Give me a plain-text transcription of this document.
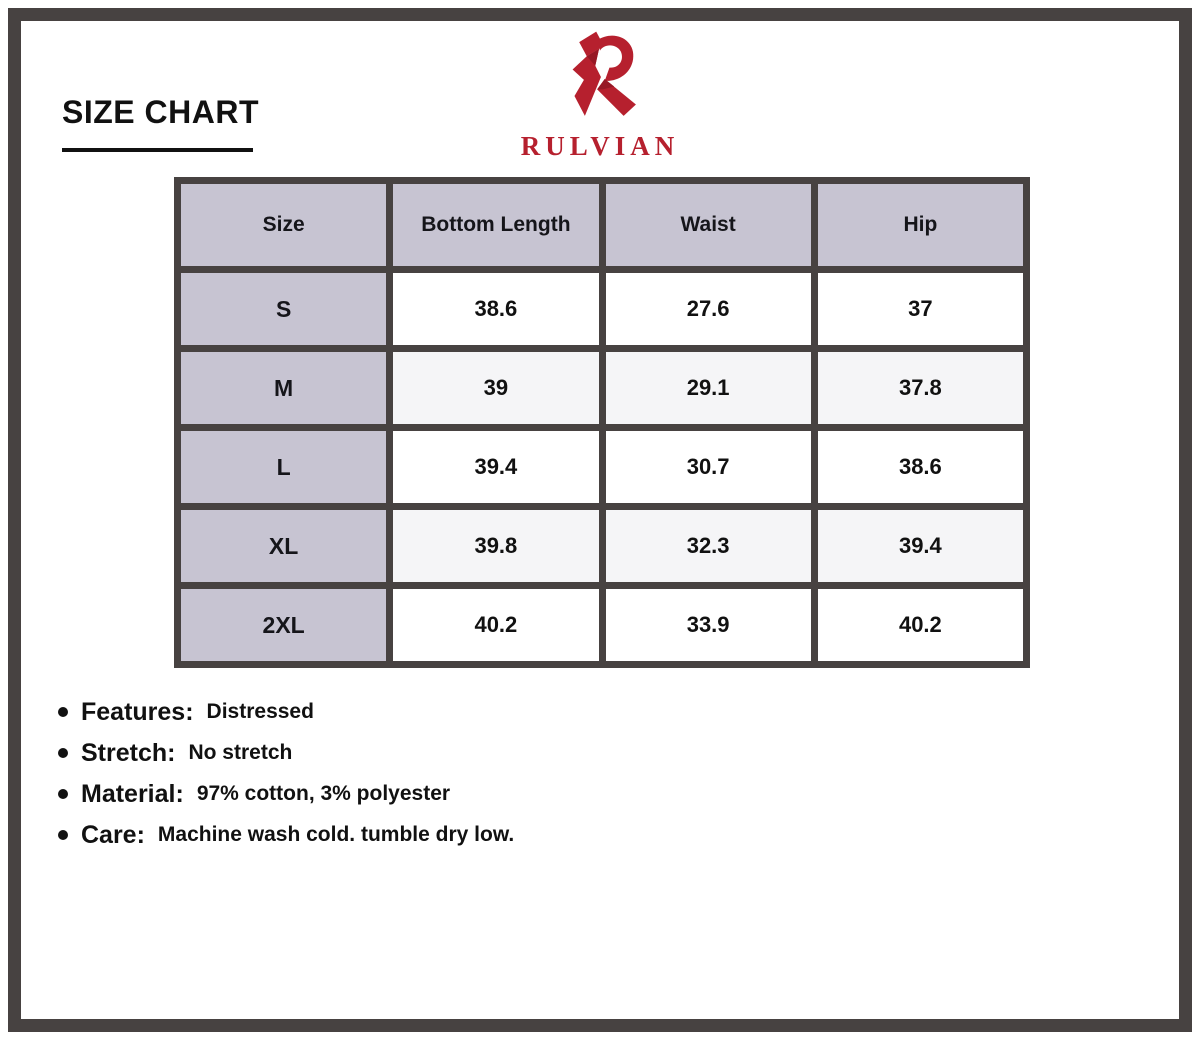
SIZE CHART
RULVIAN
Size	Bottom Length	Waist	Hip
S	38.6	27.6	37
M	39	29.1	37.8
L	39.4	30.7	38.6
XL	39.8	32.3	39.4
2XL	40.2	33.9	40.2
Features: Distressed
Stretch: No stretch
Material: 97% cotton, 3% polyester
Care: Machine wash cold. tumble dry low.
